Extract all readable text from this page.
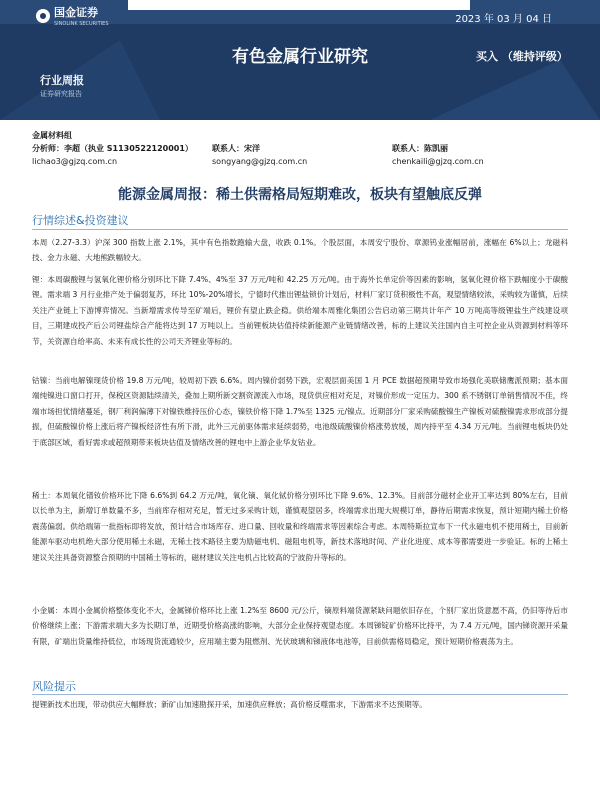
国金证券
SINOLINK SECURITIES	2023 年 03 月 04 日
有色金属行业研究	买入 （维持评级）
行业周报
证券研究报告
金属材料组
分析师：李超（执业 S1130522120001）
lichao3@gjzq.com.cn
联系人：宋洋
songyang@gjzq.com.cn
联系人：陈凯丽
chenkaili@gjzq.com.cn
能源金属周报：稀土供需格局短期难改，板块有望触底反弹
行情综述&投资建议
本周（2.27-3.3）沪深 300 指数上涨 2.1%，其中有色指数跑输大盘，收跌 0.1%。个股层面，本周安宁股份、章源钨业涨幅居前，涨幅在 6%以上；龙磁科技、金力永磁、大地熊跌幅较大。
锂：本周碳酸锂与氢氧化锂价格分别环比下降 7.4%、4%至 37 万元/吨和 42.25 万元/吨。由于海外长单定价等因素的影响，氢氧化锂价格下跌幅度小于碳酸锂。需求端 3 月行业排产处于偏弱复苏，环比 10%-20%增长，宁德时代推出锂盐锁价计划后，材料厂家订货积极性不高，观望情绪较浓，采购较为谨慎，后续关注产业链上下游博弈情况。当新增需求传导至矿端后，锂价有望止跌企稳。供给端本周雅化集团公告启动第三期共计年产 10 万吨高等级锂盐生产线建设项目，三期建成投产后公司锂盐综合产能将达到 17 万吨以上。当前锂板块估值持续新能源产业链情绪改善，标的上建议关注国内自主可控企业从资源到材料等环节，关资源自给率高、未来有成长性的公司天齐锂业等标的。
钴镍：当前电解镍现货价格 19.8 万元/吨，较周初下跌 6.6%。周内镍价弱势下跌，宏观层面美国 1 月 PCE 数据超预期导致市场强化美联储鹰派预期；基本面端纯镍进口窗口打开，保税区资源陆续清关，叠加上期所新交割资源流入市场，现货供应相对充足，对镍价形成一定压力。300 系不锈钢订单销售情况不佳，终端市场担忧情绪蔓延，钢厂利润偏薄下对镍铁维持压价心态，镍铁价格下降 1.7%至 1325 元/镍点。近期部分厂家采购硫酸镍生产镍板对硫酸镍需求形成部分提振，但硫酸镍价格上涨后将产镍板经济性有所下滑，此外三元前驱体需求延续弱势，电池级硫酸镍价格涨势放缓，周内持平至 4.34 万元/吨。当前锂电板块仍处于底部区域，看好需求或超预期带来板块估值及情绪改善的锂电中上游企业华友钴业。
稀土：本周氧化镨钕价格环比下降 6.6%到 64.2 万元/吨，氧化镝、氧化铽价格分别环比下降 9.6%、12.3%。目前部分磁材企业开工率达到 80%左右，目前以长单为主，新增订单数量不多，当前库存相对充足，暂无过多采购计划，谨慎观望居多，终端需求出现大规模订单，静待后期需求恢复，预计短期内稀土价格震荡偏弱。供给端第一批指标即将发放，预计结合市场库存、进口量、回收量和终端需求等因素综合考虑。本周特斯拉宣布下一代永磁电机不使用稀土，目前新能源车驱动电机绝大部分使用稀土永磁，无稀土技术路径主要为励磁电机、磁阻电机等，新技术落地时间、产业化进度、成本等都需要进一步验证。标的上稀土建议关注具备资源整合预期的中国稀土等标的，磁材建议关注电机占比较高的宁波韵升等标的。
小金属：本周小金属价格整体变化不大，金属锑价格环比上涨 1.2%至 8600 元/公斤，镝原料端货源紧缺问题依旧存在，个别厂家出货意愿不高，仍旧等待后市价格继续上涨；下游需求端大多为长期订单，近期受价格高涨的影响，大部分企业保持观望态度。本周锑锭矿价格环比持平，为 7.4 万元/吨，国内锑资源开采量有限，矿端出货量维持低位，市场现货流通较少，应用端主要为阻燃剂、光伏玻璃和锑液体电池等，目前供需格局稳定，预计短期价格震荡为主。
风险提示
提锂新技术出现，带动供应大幅释放；新矿山加速勘探开采，加速供应释放；高价格反噬需求，下游需求不达预期等。
